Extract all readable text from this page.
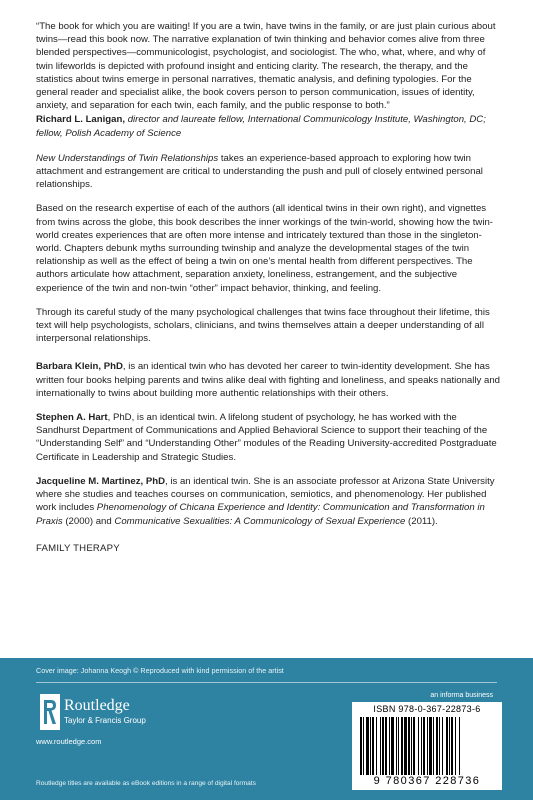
“The book for which you are waiting! If you are a twin, have twins in the family, or are just plain curious about twins—read this book now. The narrative explanation of twin thinking and behavior comes alive from three blended perspectives—communicologist, psychologist, and sociologist. The who, what, where, and why of twin lifeworlds is depicted with profound insight and enticing clarity. The research, the therapy, and the statistics about twins emerge in personal narratives, thematic analysis, and defining typologies. For the general reader and specialist alike, the book covers person to person communication, issues of identity, anxiety, and separation for each twin, each family, and the public response to both.”
Richard L. Lanigan, director and laureate fellow, International Communicology Institute, Washington, DC; fellow, Polish Academy of Science

New Understandings of Twin Relationships takes an experience-based approach to exploring how twin attachment and estrangement are critical to understanding the push and pull of closely entwined personal relationships.

Based on the research expertise of each of the authors (all identical twins in their own right), and vignettes from twins across the globe, this book describes the inner workings of the twin-world, showing how the twin-world creates experiences that are often more intense and intricately textured than those in the singleton-world. Chapters debunk myths surrounding twinship and analyze the developmental stages of the twin relationship as well as the effect of being a twin on one’s mental health from different perspectives. The authors articulate how attachment, separation anxiety, loneliness, estrangement, and the subjective experience of the twin and non-twin “other” impact behavior, thinking, and feeling.

Through its careful study of the many psychological challenges that twins face throughout their lifetime, this text will help psychologists, scholars, clinicians, and twins themselves attain a deeper understanding of all interpersonal relationships.

Barbara Klein, PhD, is an identical twin who has devoted her career to twin-identity development. She has written four books helping parents and twins alike deal with fighting and loneliness, and speaks nationally and internationally to twins about building more authentic relationships with their others.

Stephen A. Hart, PhD, is an identical twin. A lifelong student of psychology, he has worked with the Sandhurst Department of Communications and Applied Behavioral Science to support their teaching of the “Understanding Self” and “Understanding Other” modules of the Reading University-accredited Postgraduate Certificate in Leadership and Strategic Studies.

Jacqueline M. Martinez, PhD, is an identical twin. She is an associate professor at Arizona State University where she studies and teaches courses on communication, semiotics, and phenomenology. Her published work includes Phenomenology of Chicana Experience and Identity: Communication and Transformation in Praxis (2000) and Communicative Sexualities: A Communicology of Sexual Experience (2011).

FAMILY THERAPY
Cover image: Johanna Keogh © Reproduced with kind permission of the artist
an informa business
Routledge
Taylor & Francis Group
www.routledge.com
Routledge titles are available as eBook editions in a range of digital formats
ISBN 978-0-367-22873-6
9 780367 228736
